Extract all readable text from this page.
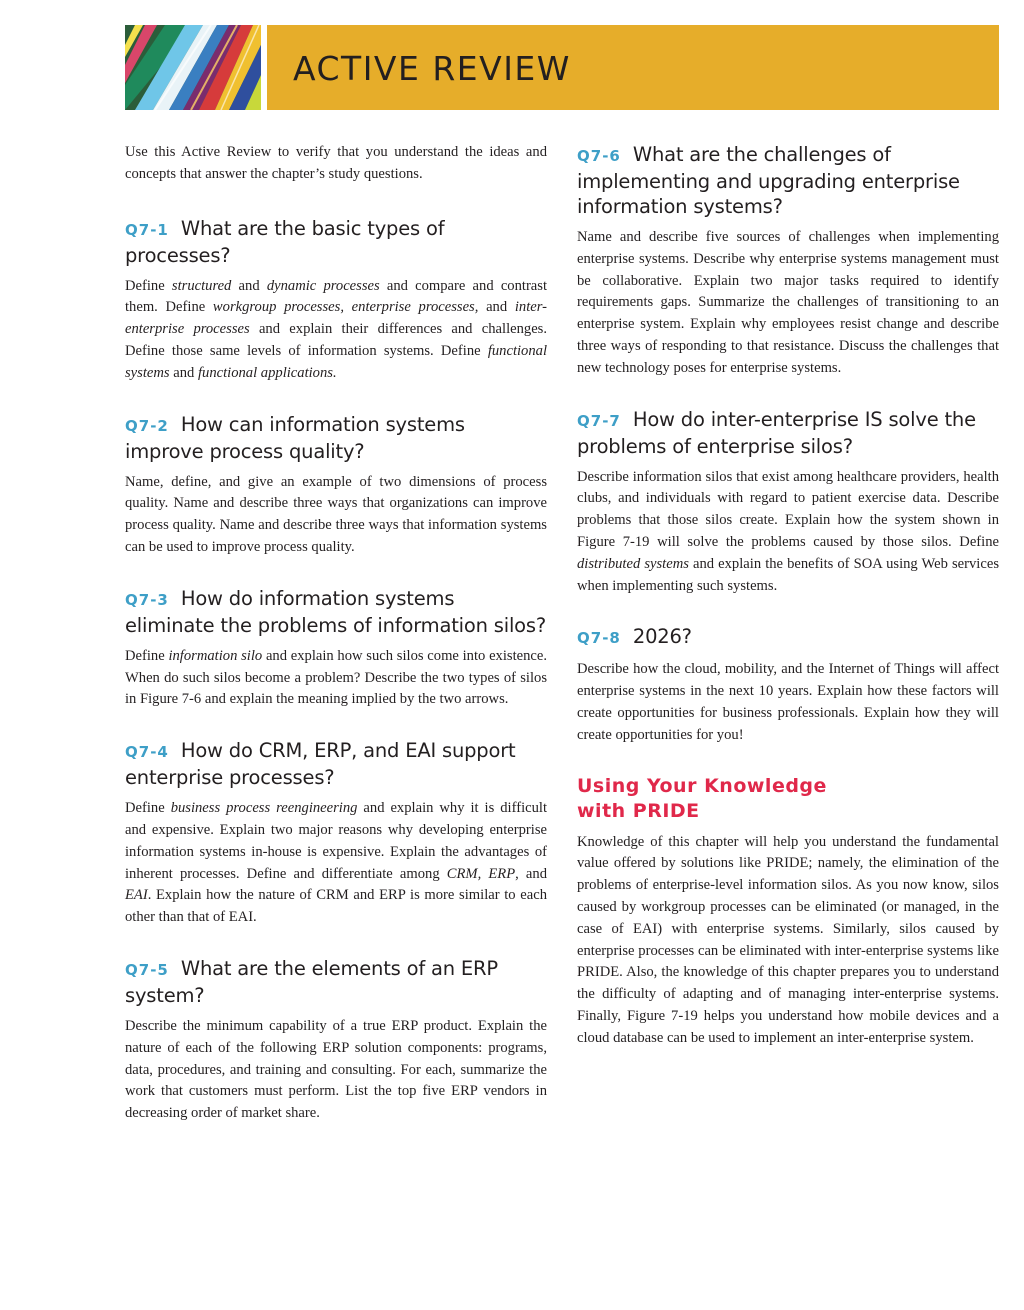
ACTIVE REVIEW

Use this Active Review to verify that you understand the ideas and concepts that answer the chapter’s study questions.

Q7-1 What are the basic types of processes?

Define structured and dynamic processes and compare and contrast them. Define workgroup processes, enterprise processes, and inter-enterprise processes and explain their differences and challenges. Define those same levels of information systems. Define functional systems and functional applications.

Q7-2 How can information systems improve process quality?

Name, define, and give an example of two dimensions of process quality. Name and describe three ways that organizations can improve process quality. Name and describe three ways that information systems can be used to improve process quality.

Q7-3 How do information systems eliminate the problems of information silos?

Define information silo and explain how such silos come into existence. When do such silos become a problem? Describe the two types of silos in Figure 7-6 and explain the meaning implied by the two arrows.

Q7-4 How do CRM, ERP, and EAI support enterprise processes?

Define business process reengineering and explain why it is difficult and expensive. Explain two major reasons why developing enterprise information systems in-house is expensive. Explain the advantages of inherent processes. Define and differentiate among CRM, ERP, and EAI. Explain how the nature of CRM and ERP is more similar to each other than that of EAI.

Q7-5 What are the elements of an ERP system?

Describe the minimum capability of a true ERP product. Explain the nature of each of the following ERP solution components: programs, data, procedures, and training and consulting. For each, summarize the work that customers must perform. List the top five ERP vendors in decreasing order of market share.

Q7-6 What are the challenges of implementing and upgrading enterprise information systems?

Name and describe five sources of challenges when implementing enterprise systems. Describe why enterprise systems management must be collaborative. Explain two major tasks required to identify requirements gaps. Summarize the challenges of transitioning to an enterprise system. Explain why employees resist change and describe three ways of responding to that resistance. Discuss the challenges that new technology poses for enterprise systems.

Q7-7 How do inter-enterprise IS solve the problems of enterprise silos?

Describe information silos that exist among healthcare providers, health clubs, and individuals with regard to patient exercise data. Describe problems that those silos create. Explain how the system shown in Figure 7-19 will solve the problems caused by those silos. Define distributed systems and explain the benefits of SOA using Web services when implementing such systems.

Q7-8 2026?

Describe how the cloud, mobility, and the Internet of Things will affect enterprise systems in the next 10 years. Explain how these factors will create opportunities for business professionals. Explain how they will create opportunities for you!

Using Your Knowledge
with PRIDE

Knowledge of this chapter will help you understand the fundamental value offered by solutions like PRIDE; namely, the elimination of the problems of enterprise-level information silos. As you now know, silos caused by workgroup processes can be eliminated (or managed, in the case of EAI) with enterprise systems. Similarly, silos caused by enterprise processes can be eliminated with inter-enterprise systems like PRIDE. Also, the knowledge of this chapter prepares you to understand the difficulty of adapting and of managing inter-enterprise systems. Finally, Figure 7-19 helps you understand how mobile devices and a cloud database can be used to implement an inter-enterprise system.
